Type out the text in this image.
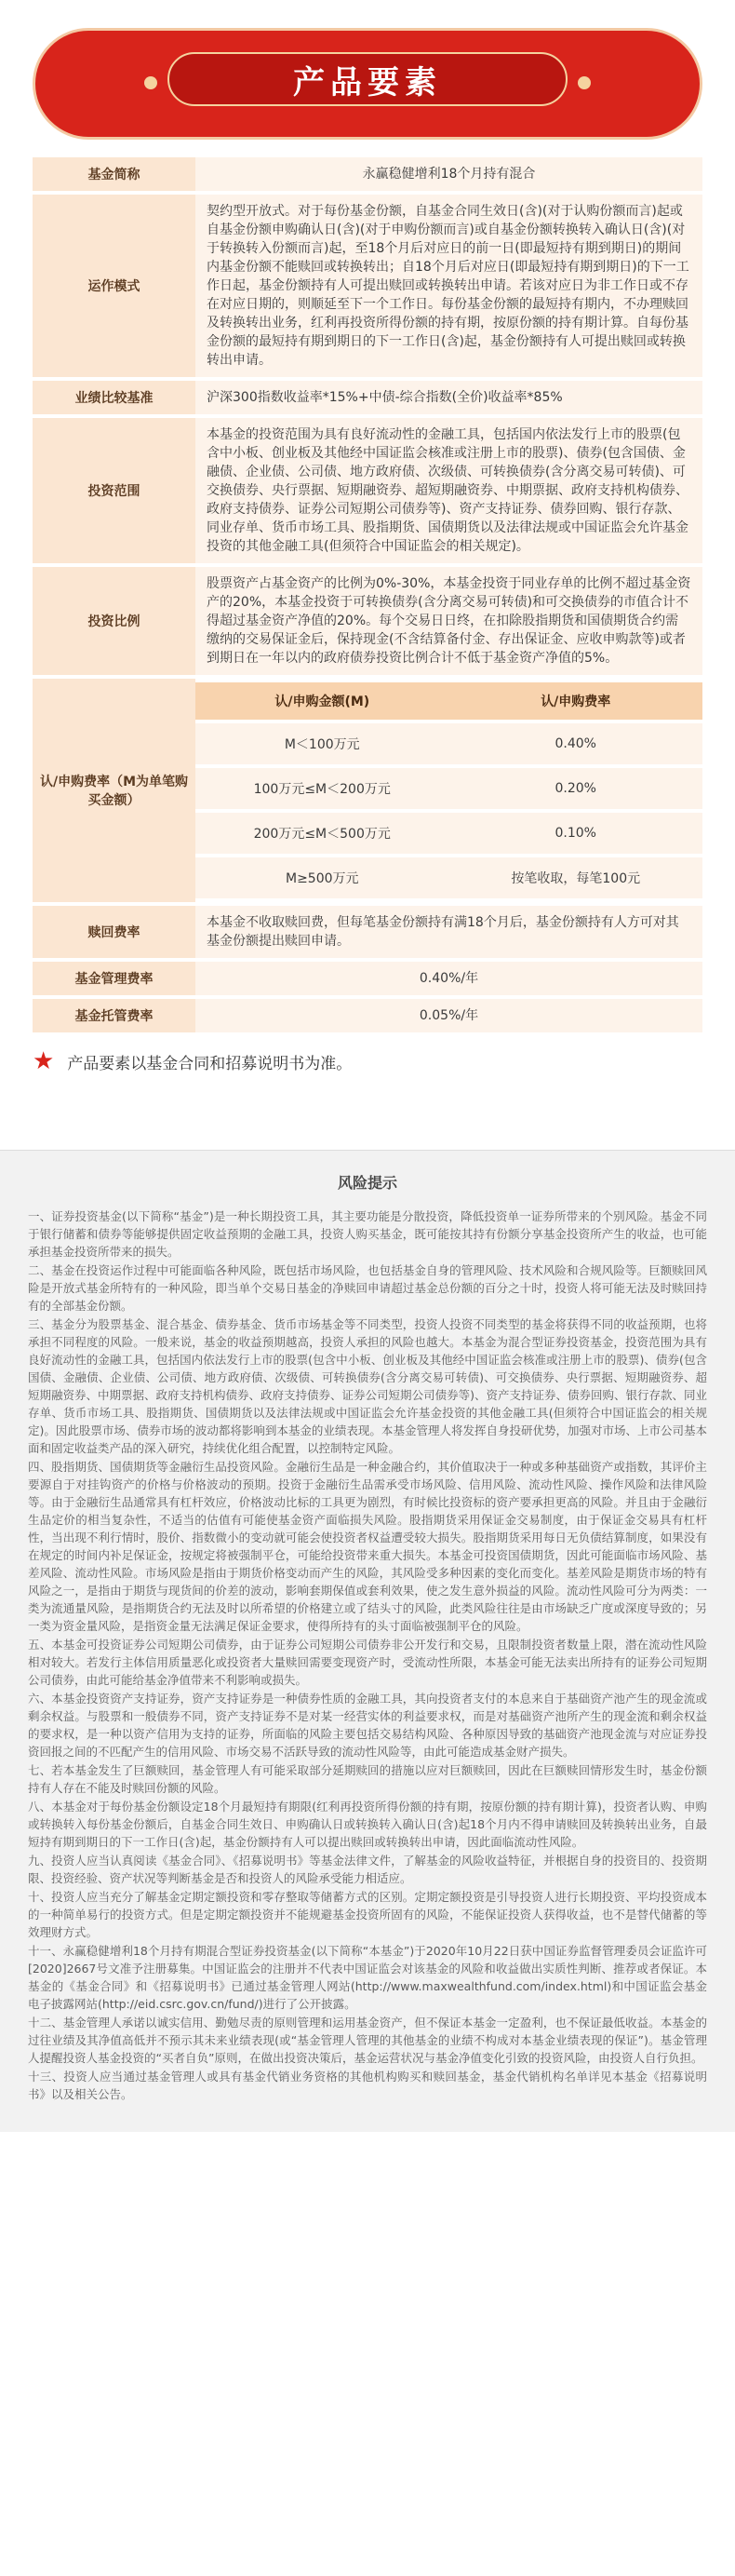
产品要素
基金简称	永赢稳健增利18个月持有混合
运作模式	契约型开放式。对于每份基金份额，自基金合同生效日(含)(对于认购份额而言)起或自基金份额申购确认日(含)(对于申购份额而言)或自基金份额转换转入确认日(含)(对于转换转入份额而言)起，至18个月后对应日的前一日(即最短持有期到期日)的期间内基金份额不能赎回或转换转出；自18个月后对应日(即最短持有期到期日)的下一工作日起，基金份额持有人可提出赎回或转换转出申请。若该对应日为非工作日或不存在对应日期的，则顺延至下一个工作日。每份基金份额的最短持有期内，不办理赎回及转换转出业务，红利再投资所得份额的持有期，按原份额的持有期计算。自每份基金份额的最短持有期到期日的下一工作日(含)起，基金份额持有人可提出赎回或转换转出申请。
业绩比较基准	沪深300指数收益率*15%+中债-综合指数(全价)收益率*85%
投资范围	本基金的投资范围为具有良好流动性的金融工具，包括国内依法发行上市的股票(包含中小板、创业板及其他经中国证监会核准或注册上市的股票)、债券(包含国债、金融债、企业债、公司债、地方政府债、次级债、可转换债券(含分离交易可转债)、可交换债券、央行票据、短期融资券、超短期融资券、中期票据、政府支持机构债券、政府支持债券、证券公司短期公司债券等)、资产支持证券、债券回购、银行存款、同业存单、货币市场工具、股指期货、国债期货以及法律法规或中国证监会允许基金投资的其他金融工具(但须符合中国证监会的相关规定)。
投资比例	股票资产占基金资产的比例为0%-30%，本基金投资于同业存单的比例不超过基金资产的20%，本基金投资于可转换债券(含分离交易可转债)和可交换债券的市值合计不得超过基金资产净值的20%。每个交易日日终，在扣除股指期货和国债期货合约需缴纳的交易保证金后，保持现金(不含结算备付金、存出保证金、应收申购款等)或者到期日在一年以内的政府债券投资比例合计不低于基金资产净值的5%。
认/申购费率（M为单笔购买金额）	
认/申购金额(M)	认/申购费率
M＜100万元	0.40%
100万元≤M＜200万元	0.20%
200万元≤M＜500万元	0.10%
M≥500万元	按笔收取，每笔100元

赎回费率	本基金不收取赎回费，但每笔基金份额持有满18个月后，基金份额持有人方可对其基金份额提出赎回申请。
基金管理费率	0.40%/年
基金托管费率	0.05%/年
★ 产品要素以基金合同和招募说明书为准。
风险提示

一、证券投资基金(以下简称“基金”)是一种长期投资工具，其主要功能是分散投资，降低投资单一证券所带来的个别风险。基金不同于银行储蓄和债券等能够提供固定收益预期的金融工具，投资人购买基金，既可能按其持有份额分享基金投资所产生的收益，也可能承担基金投资所带来的损失。

二、基金在投资运作过程中可能面临各种风险，既包括市场风险，也包括基金自身的管理风险、技术风险和合规风险等。巨额赎回风险是开放式基金所特有的一种风险，即当单个交易日基金的净赎回申请超过基金总份额的百分之十时，投资人将可能无法及时赎回持有的全部基金份额。

三、基金分为股票基金、混合基金、债券基金、货币市场基金等不同类型，投资人投资不同类型的基金将获得不同的收益预期，也将承担不同程度的风险。一般来说，基金的收益预期越高，投资人承担的风险也越大。本基金为混合型证券投资基金，投资范围为具有良好流动性的金融工具，包括国内依法发行上市的股票(包含中小板、创业板及其他经中国证监会核准或注册上市的股票)、债券(包含国债、金融债、企业债、公司债、地方政府债、次级债、可转换债券(含分离交易可转债)、可交换债券、央行票据、短期融资券、超短期融资券、中期票据、政府支持机构债券、政府支持债券、证券公司短期公司债券等)、资产支持证券、债券回购、银行存款、同业存单、货币市场工具、股指期货、国债期货以及法律法规或中国证监会允许基金投资的其他金融工具(但须符合中国证监会的相关规定)。因此股票市场、债券市场的波动都将影响到本基金的业绩表现。本基金管理人将发挥自身投研优势，加强对市场、上市公司基本面和固定收益类产品的深入研究，持续优化组合配置，以控制特定风险。

四、股指期货、国债期货等金融衍生品投资风险。金融衍生品是一种金融合约，其价值取决于一种或多种基础资产或指数，其评价主要源自于对挂钩资产的价格与价格波动的预期。投资于金融衍生品需承受市场风险、信用风险、流动性风险、操作风险和法律风险等。由于金融衍生品通常具有杠杆效应，价格波动比标的工具更为剧烈，有时候比投资标的资产要承担更高的风险。并且由于金融衍生品定价的相当复杂性，不适当的估值有可能使基金资产面临损失风险。股指期货采用保证金交易制度，由于保证金交易具有杠杆性，当出现不利行情时，股价、指数微小的变动就可能会使投资者权益遭受较大损失。股指期货采用每日无负债结算制度，如果没有在规定的时间内补足保证金，按规定将被强制平仓，可能给投资带来重大损失。本基金可投资国债期货，因此可能面临市场风险、基差风险、流动性风险。市场风险是指由于期货价格变动而产生的风险，其风险受多种因素的变化而变化。基差风险是期货市场的特有风险之一，是指由于期货与现货间的价差的波动，影响套期保值或套利效果，使之发生意外损益的风险。流动性风险可分为两类：一类为流通量风险，是指期货合约无法及时以所希望的价格建立或了结头寸的风险，此类风险往往是由市场缺乏广度或深度导致的；另一类为资金量风险，是指资金量无法满足保证金要求，使得所持有的头寸面临被强制平仓的风险。

五、本基金可投资证券公司短期公司债券，由于证券公司短期公司债券非公开发行和交易，且限制投资者数量上限，潜在流动性风险相对较大。若发行主体信用质量恶化或投资者大量赎回需要变现资产时，受流动性所限，本基金可能无法卖出所持有的证券公司短期公司债券，由此可能给基金净值带来不利影响或损失。

六、本基金投资资产支持证券，资产支持证券是一种债券性质的金融工具，其向投资者支付的本息来自于基础资产池产生的现金流或剩余权益。与股票和一般债券不同，资产支持证券不是对某一经营实体的利益要求权，而是对基础资产池所产生的现金流和剩余权益的要求权，是一种以资产信用为支持的证券，所面临的风险主要包括交易结构风险、各种原因导致的基础资产池现金流与对应证券投资回报之间的不匹配产生的信用风险、市场交易不活跃导致的流动性风险等，由此可能造成基金财产损失。

七、若本基金发生了巨额赎回，基金管理人有可能采取部分延期赎回的措施以应对巨额赎回，因此在巨额赎回情形发生时，基金份额持有人存在不能及时赎回份额的风险。

八、本基金对于每份基金份额设定18个月最短持有期限(红利再投资所得份额的持有期，按原份额的持有期计算)，投资者认购、申购或转换转入每份基金份额后，自基金合同生效日、申购确认日或转换转入确认日(含)起18个月内不得申请赎回及转换转出业务，自最短持有期到期日的下一工作日(含)起，基金份额持有人可以提出赎回或转换转出申请，因此面临流动性风险。

九、投资人应当认真阅读《基金合同》、《招募说明书》等基金法律文件，了解基金的风险收益特征，并根据自身的投资目的、投资期限、投资经验、资产状况等判断基金是否和投资人的风险承受能力相适应。

十、投资人应当充分了解基金定期定额投资和零存整取等储蓄方式的区别。定期定额投资是引导投资人进行长期投资、平均投资成本的一种简单易行的投资方式。但是定期定额投资并不能规避基金投资所固有的风险，不能保证投资人获得收益，也不是替代储蓄的等效理财方式。

十一、永赢稳健增利18个月持有期混合型证券投资基金(以下简称“本基金”)于2020年10月22日获中国证券监督管理委员会证监许可[2020]2667号文准予注册募集。中国证监会的注册并不代表中国证监会对该基金的风险和收益做出实质性判断、推荐或者保证。本基金的《基金合同》和《招募说明书》已通过基金管理人网站(http://www.maxwealthfund.com/index.html)和中国证监会基金电子披露网站(http://eid.csrc.gov.cn/fund/)进行了公开披露。

十二、基金管理人承诺以诚实信用、勤勉尽责的原则管理和运用基金资产，但不保证本基金一定盈利，也不保证最低收益。本基金的过往业绩及其净值高低并不预示其未来业绩表现(或“基金管理人管理的其他基金的业绩不构成对本基金业绩表现的保证”)。基金管理人提醒投资人基金投资的“买者自负”原则，在做出投资决策后，基金运营状况与基金净值变化引致的投资风险，由投资人自行负担。

十三、投资人应当通过基金管理人或具有基金代销业务资格的其他机构购买和赎回基金，基金代销机构名单详见本基金《招募说明书》以及相关公告。
